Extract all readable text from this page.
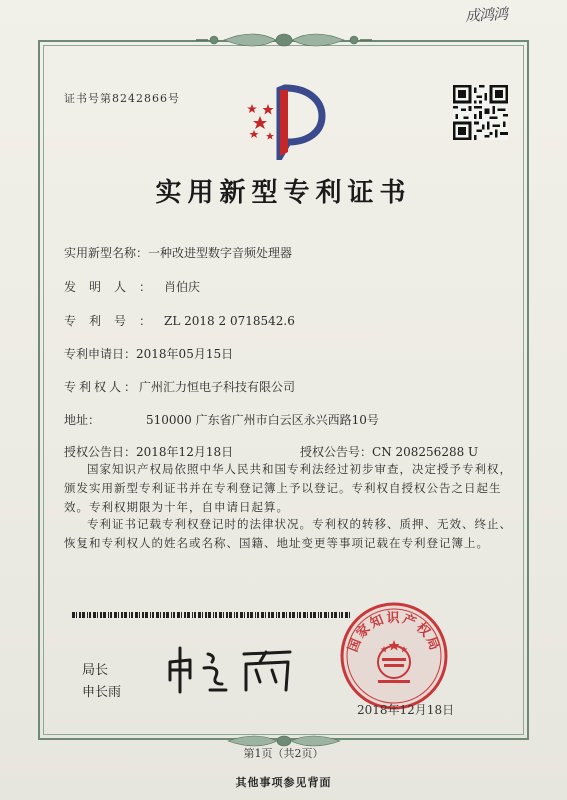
成鸿鸿
证书号第8242866号
实用新型专利证书
实用新型名称：一种改进型数字音频处理器
发明人：肖伯庆
专利号：ZL 2018 2 0718542.6
专利申请日：2018年05月15日
专利权人：广州汇力恒电子科技有限公司
地址：	510000 广东省广州市白云区永兴西路10号
授权公告日：2018年12月18日	授权公告号：CN 208256288 U
国家知识产权局依照中华人民共和国专利法经过初步审查，决定授予专利权，颁发实用新型专利证书并在专利登记簿上予以登记。专利权自授权公告之日起生效。专利权期限为十年，自申请日起算。
专利证书记载专利权登记时的法律状况。专利权的转移、质押、无效、终止、恢复和专利权人的姓名或名称、国籍、地址变更等事项记载在专利登记簿上。
局长
申长雨
国家知识产权局
2018年12月18日
第1页（共2页）
其他事项参见背面
